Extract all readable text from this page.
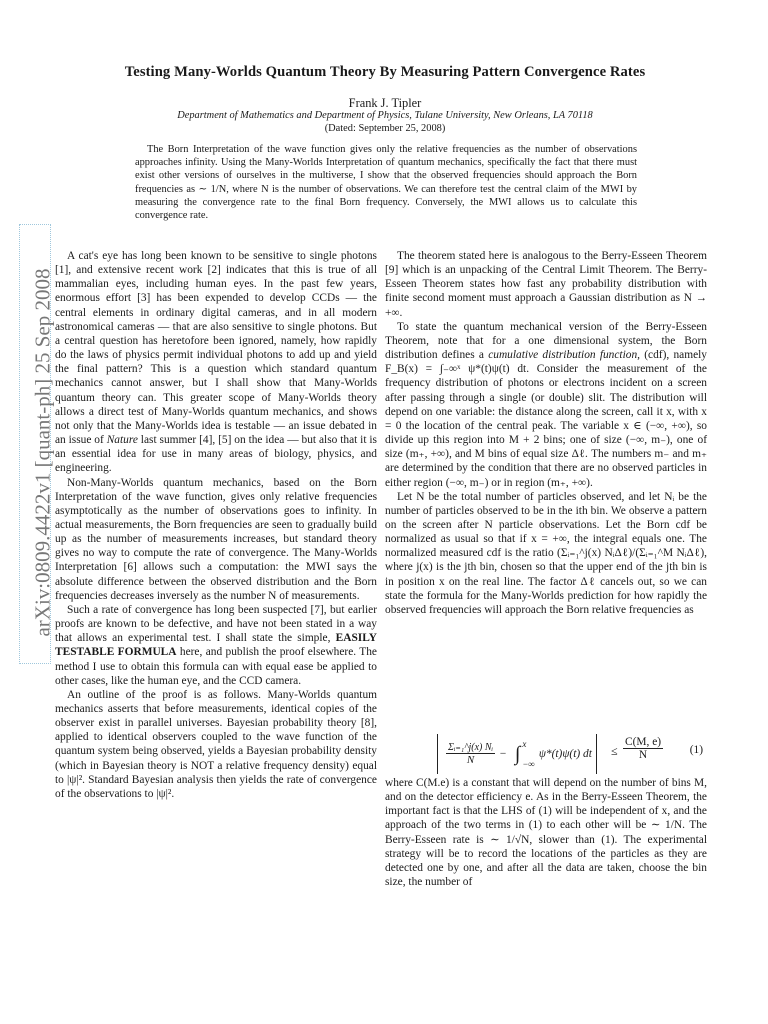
arXiv:0809.4422v1 [quant-ph] 25 Sep 2008
Testing Many-Worlds Quantum Theory By Measuring Pattern Convergence Rates
Frank J. Tipler
Department of Mathematics and Department of Physics, Tulane University, New Orleans, LA 70118
(Dated: September 25, 2008)
The Born Interpretation of the wave function gives only the relative frequencies as the number of observations approaches infinity. Using the Many-Worlds Interpretation of quantum mechanics, specifically the fact that there must exist other versions of ourselves in the multiverse, I show that the observed frequencies should approach the Born frequencies as ∼ 1/N, where N is the number of observations. We can therefore test the central claim of the MWI by measuring the convergence rate to the final Born frequency. Conversely, the MWI allows us to calculate this convergence rate.

A cat's eye has long been known to be sensitive to single photons [1], and extensive recent work [2] indicates that this is true of all mammalian eyes, including human eyes. In the past few years, enormous effort [3] has been expended to develop CCDs — the central elements in ordinary digital cameras, and in all modern astronomical cameras — that are also sensitive to single photons. But a central question has heretofore been ignored, namely, how rapidly do the laws of physics permit individual photons to add up and yield the final pattern? This is a question which standard quantum mechanics cannot answer, but I shall show that Many-Worlds quantum theory can. This greater scope of Many-Worlds theory allows a direct test of Many-Worlds quantum mechanics, and shows not only that the Many-Worlds idea is testable — an issue debated in an issue of Nature last summer [4], [5] on the idea — but also that it is an essential idea for use in many areas of biology, physics, and engineering.

Non-Many-Worlds quantum mechanics, based on the Born Interpretation of the wave function, gives only relative frequencies asymptotically as the number of observations goes to infinity. In actual measurements, the Born frequencies are seen to gradually build up as the number of measurements increases, but standard theory gives no way to compute the rate of convergence. The Many-Worlds Interpretation [6] allows such a computation: the MWI says the absolute difference between the observed distribution and the Born frequencies decreases inversely as the number N of measurements.

Such a rate of convergence has long been suspected [7], but earlier proofs are known to be defective, and have not been stated in a way that allows an experimental test. I shall state the simple, EASILY TESTABLE FORMULA here, and publish the proof elsewhere. The method I use to obtain this formula can with equal ease be applied to other cases, like the human eye, and the CCD camera.

An outline of the proof is as follows. Many-Worlds quantum mechanics asserts that before measurements, identical copies of the observer exist in parallel universes. Bayesian probability theory [8], applied to identical observers coupled to the wave function of the quantum system being observed, yields a Bayesian probability density (which in Bayesian theory is NOT a relative frequency density) equal to |ψ|². Standard Bayesian analysis then yields the rate of convergence of the observations to |ψ|².

The theorem stated here is analogous to the Berry-Esseen Theorem [9] which is an unpacking of the Central Limit Theorem. The Berry-Esseen Theorem states how fast any probability distribution with finite second moment must approach a Gaussian distribution as N → +∞.

To state the quantum mechanical version of the Berry-Esseen Theorem, note that for a one dimensional system, the Born distribution defines a cumulative distribution function, (cdf), namely F_B(x) = ∫₋∞ˣ ψ*(t)ψ(t) dt. Consider the measurement of the frequency distribution of photons or electrons incident on a screen after passing through a single (or double) slit. The distribution will depend on one variable: the distance along the screen, call it x, with x = 0 the location of the central peak. The variable x ∈ (−∞, +∞), so divide up this region into M + 2 bins; one of size (−∞, m₋), one of size (m₊, +∞), and M bins of equal size Δℓ. The numbers m₋ and m₊ are determined by the condition that there are no observed particles in either region (−∞, m₋) or in region (m₊, +∞).

Let N be the total number of particles observed, and let Nᵢ be the number of particles observed to be in the ith bin. We observe a pattern on the screen after N particle observations. Let the Born cdf be normalized as usual so that if x = +∞, the integral equals one. The normalized measured cdf is the ratio (Σᵢ₌₁^j(x) NᵢΔℓ)/(Σᵢ₌₁^M NᵢΔℓ), where j(x) is the jth bin, chosen so that the upper end of the jth bin is in position x on the real line. The factor Δℓ cancels out, so we can state the formula for the Many-Worlds prediction for how rapidly the observed frequencies will approach the Born relative frequencies as

$\frac{\text{Σᵢ₌₁\textasciicircum{}j(x) Nᵢ}}{N}$ − ∫ x
−∞
ψ*(t)ψ(t) dt ≤ $\frac{C(M, e)}{N} (1)$

where C(M.e) is a constant that will depend on the number of bins M, and on the detector efficiency e. As in the Berry-Esseen Theorem, the important fact is that the LHS of (1) will be independent of x, and the approach of the two terms in (1) to each other will be ∼ 1/N. The Berry-Esseen rate is ∼ 1/√N, slower than (1). The experimental strategy will be to record the locations of the particles as they are detected one by one, and after all the data are taken, choose the bin size, the number of
